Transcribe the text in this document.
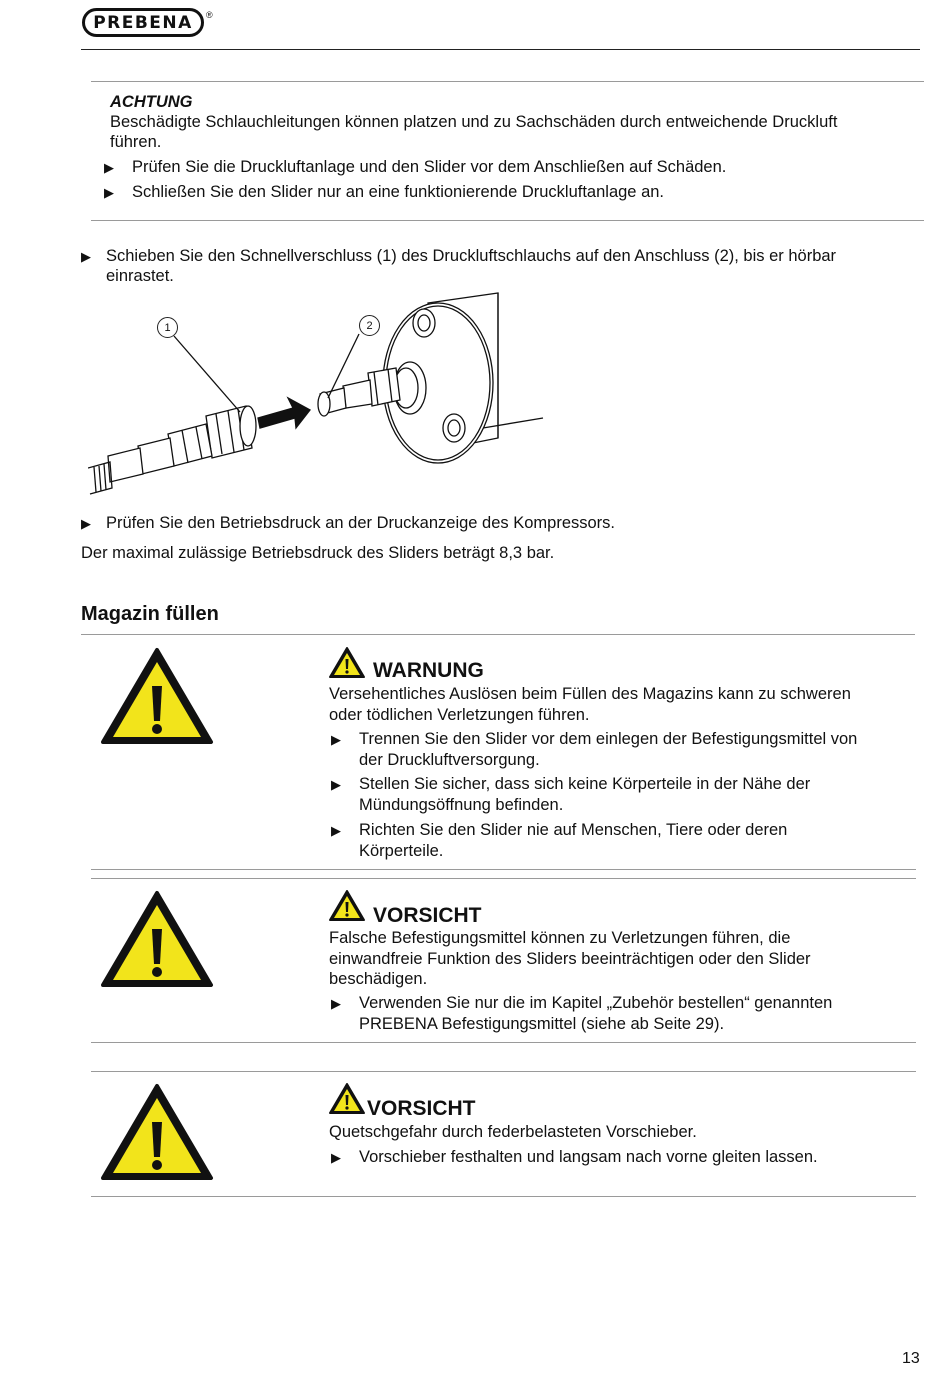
PREBENA ®
ACHTUNG
Beschädigte Schlauchleitungen können platzen und zu Sachschäden durch entweichende Druckluft
führen.
▶ Prüfen Sie die Druckluftanlage und den Slider vor dem Anschließen auf Schäden.
▶ Schließen Sie den Slider nur an eine funktionierende Druckluftanlage an.
▶ Schieben Sie den Schnellverschluss (1) des Druckluftschlauchs auf den Anschluss (2), bis er hörbar
einrastet.
1	2
▶ Prüfen Sie den Betriebsdruck an der Druckanzeige des Kompressors.
Der maximal zulässige Betriebsdruck des Sliders beträgt 8,3 bar.
Magazin füllen
WARNUNG
Versehentliches Auslösen beim Füllen des Magazins kann zu schweren
oder tödlichen Verletzungen führen.
▶ Trennen Sie den Slider vor dem einlegen der Befestigungsmittel von
der Druckluftversorgung.
▶ Stellen Sie sicher, dass sich keine Körperteile in der Nähe der
Mündungsöffnung befinden.
▶ Richten Sie den Slider nie auf Menschen, Tiere oder deren
Körperteile.
VORSICHT
Falsche Befestigungsmittel können zu Verletzungen führen, die
einwandfreie Funktion des Sliders beeinträchtigen oder den Slider
beschädigen.
▶ Verwenden Sie nur die im Kapitel „Zubehör bestellen“ genannten
PREBENA Befestigungsmittel (siehe ab Seite 29).
VORSICHT
Quetschgefahr durch federbelasteten Vorschieber.
▶ Vorschieber festhalten und langsam nach vorne gleiten lassen.
13
